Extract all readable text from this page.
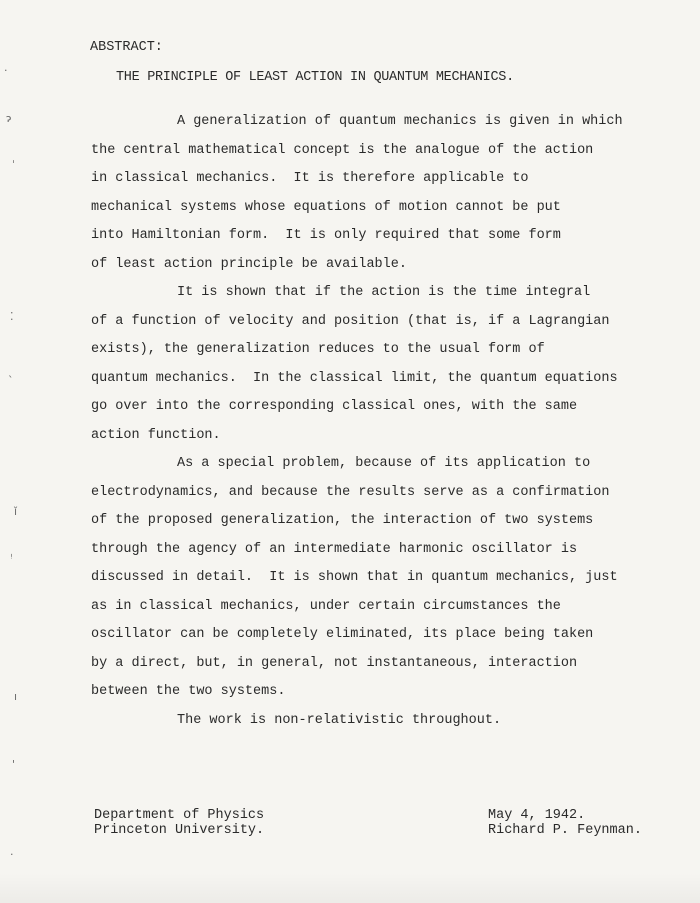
·
ɂ
ˈ
⁚
ˎ
ǐ
ꜝ
ı
ꞌ
·
ABSTRACT:
THE PRINCIPLE OF LEAST ACTION IN QUANTUM MECHANICS.

A generalization of quantum mechanics is given in which
the central mathematical concept is the analogue of the action
in classical mechanics.  It is therefore applicable to
mechanical systems whose equations of motion cannot be put
into Hamiltonian form.  It is only required that some form
of least action principle be available.

It is shown that if the action is the time integral
of a function of velocity and position (that is, if a Lagrangian
exists), the generalization reduces to the usual form of
quantum mechanics.  In the classical limit, the quantum equations
go over into the corresponding classical ones, with the same
action function.

As a special problem, because of its application to
electrodynamics, and because the results serve as a confirmation
of the proposed generalization, the interaction of two systems
through the agency of an intermediate harmonic oscillator is
discussed in detail.  It is shown that in quantum mechanics, just
as in classical mechanics, under certain circumstances the
oscillator can be completely eliminated, its place being taken
by a direct, but, in general, not instantaneous, interaction
between the two systems.

The work is non-relativistic throughout.

Department of Physics
Princeton University.
May 4, 1942.
Richard P. Feynman.
